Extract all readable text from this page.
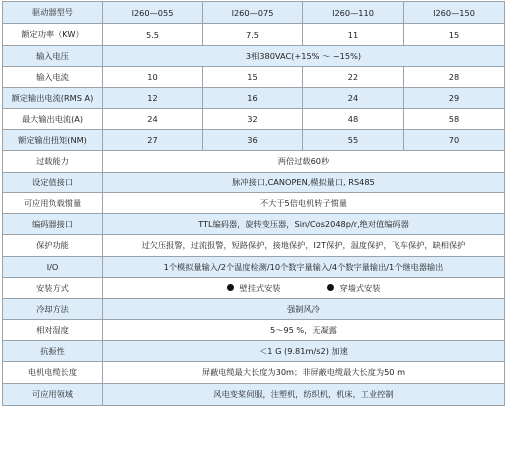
驱动器型号	I260—055	I260—075	I260—110	I260—150
额定功率（KW）	5.5	7.5	11	15
输入电压	3相380VAC(+15% ～ −15%)			
输入电流	10	15	22	28
额定输出电流(RMS A)	12	16	24	29
最大输出电流(A)	24	32	48	58
额定输出扭矩(NM)	27	36	55	70
过载能力	两倍过载60秒			
设定值接口	脉冲接口,CANOPEN,模拟量口, RS485			
可应用负载惯量	不大于5倍电机转子惯量			
编码器接口	TTL编码器，旋转变压器，Sin/Cos2048p/r,绝对值编码器			
保护功能	过欠压报警，过流报警，短路保护，接地保护，I2T保护，温度保护，飞车保护，缺相保护			
I/O	1个模拟量输入/2个温度检测/10个数字量输入/4个数字量输出/1个继电器输出			
安装方式	壁挂式安装 穿墙式安装			
冷却方法	强制风冷			
相对湿度	5～95 %，无凝露			
抗振性	＜1 G (9.81m/s2) 加速			
电机电缆长度	屏蔽电缆最大长度为30m；非屏蔽电缆最大长度为50 m			
可应用领域	风电变桨伺服，注塑机，纺织机，机床，工业控制			
